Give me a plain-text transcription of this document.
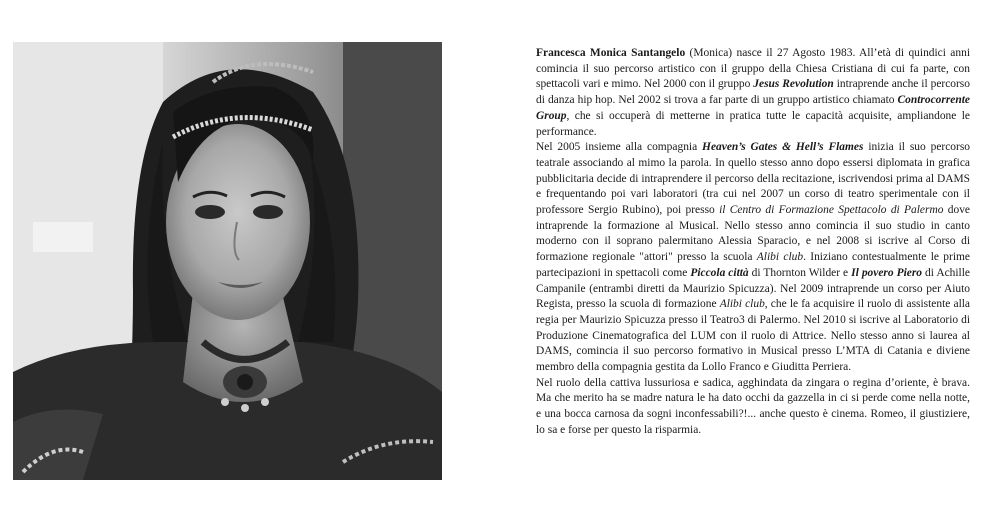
Francesca Monica Santangelo (Monica) nasce il 27 Agosto 1983. All’età di quindici anni comincia il suo percorso artistico con il gruppo della Chiesa Cristiana di cui fa parte, con spettacoli vari e mimo. Nel 2000 con il gruppo Jesus Revolution intraprende anche il percorso di danza hip hop. Nel 2002 si trova a far parte di un gruppo artistico chiamato Controcorrente Group, che si occuperà di metterne in pratica tutte le capacità acquisite, ampliandone le performance.

Nel 2005 insieme alla compagnia Heaven’s Gates & Hell’s Flames inizia il suo percorso teatrale associando al mimo la parola. In quello stesso anno dopo essersi diplomata in grafica pubblicitaria decide di intraprendere il percorso della recitazione, iscrivendosi prima al DAMS e frequentando poi vari laboratori (tra cui nel 2007 un corso di teatro sperimentale con il professore Sergio Rubino), poi presso il Centro di Formazione Spettacolo di Palermo dove intraprende la formazione al Musical. Nello stesso anno comincia il suo studio in canto moderno con il soprano palermitano Alessia Sparacio, e nel 2008 si iscrive al Corso di formazione regionale "attori" presso la scuola Alibi club. Iniziano contestualmente le prime partecipazioni in spettacoli come Piccola città di Thornton Wilder e Il povero Piero di Achille Campanile (entrambi diretti da Maurizio Spicuzza). Nel 2009 intraprende un corso per Aiuto Regista, presso la scuola di formazione Alibi club, che le fa acquisire il ruolo di assistente alla regia per Maurizio Spicuzza presso il Teatro3 di Palermo. Nel 2010 si iscrive al Laboratorio di Produzione Cinematografica del LUM con il ruolo di Attrice. Nello stesso anno si laurea al DAMS, comincia il suo percorso formativo in Musical presso L’MTA di Catania e diviene membro della compagnia gestita da Lollo Franco e Giuditta Perriera.

Nel ruolo della cattiva lussuriosa e sadica, agghindata da zingara o regina d’oriente, è brava. Ma che merito ha se madre natura le ha dato occhi da gazzella in ci si perde come nella notte, e una bocca carnosa da sogni inconfessabili?!... anche questo è cinema. Romeo, il giustiziere, lo sa e forse per questo la risparmia.
